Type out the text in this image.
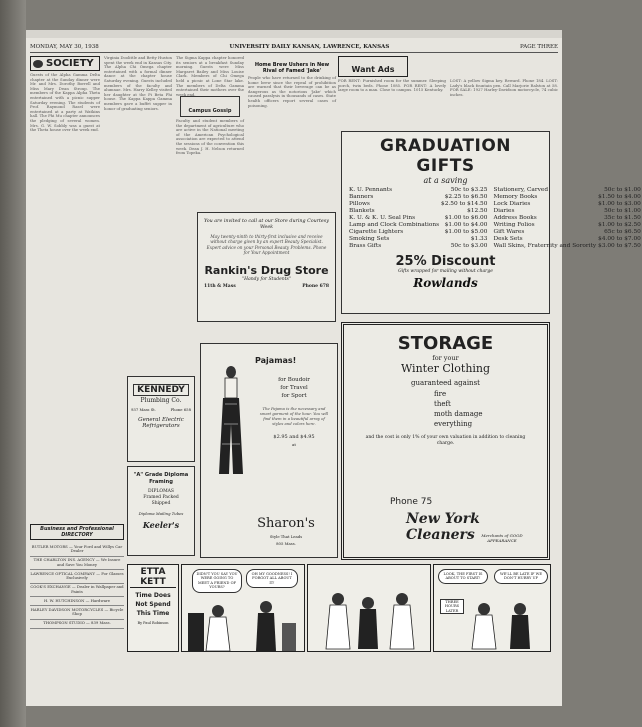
MONDAY, MAY 30, 1938	UNIVERSITY DAILY KANSAN, LAWRENCE, KANSAS	PAGE THREE
SOCIETY
Guests of the Alpha Gamma Delta chapter at the Sunday dinner were Mr. and Mrs. Dorothy Borrell and Miss Mary Dean Stroup. The members of the Kappa Alpha Theta entertained with a picnic supper Saturday evening. The students of Prof. Raymond Rasel were entertained at a party at Watkins hall. The Phi Mu chapter announces the pledging of several women. Mrs. G. W. Sobbly was a guest at the Theta house over the week end.
Virginia Doolittle and Betty Huston spent the week end in Kansas City. The Alpha Chi Omega chapter entertained with a formal dinner dance at the chapter house Saturday evening. Guests included members of the faculty and alumnae. Mrs. Harry Kelley visited her daughter at the Pi Beta Phi house. The Kappa Kappa Gamma members gave a buffet supper in honor of graduating seniors.
The Sigma Kappa chapter honored its seniors at a breakfast Sunday morning. Guests were Miss Margaret Bailey and Miss Louise Clark. Members of Chi Omega held a picnic at Lone Star lake. The members of Delta Gamma entertained their mothers over the week end.
Campus Gossip
Faculty and student members of the department of agriculture who are active in the National meeting of the American Psychological association are expected to attend the sessions of the convention this week. Dean J. H. Nelson returned from Topeka.
Home Brew Ushers in New Rival of Famed 'Jake'
People who have returned to the drinking of home brew since the repeal of prohibition are warned that their beverage can be as dangerous as the notorious 'Jake' which caused paralysis in thousands of cases. State health officers report several cases of poisoning.
Want Ads
FOR RENT: Furnished room for the summer. Sleeping porch, twin beds. Phone 1085. FOR RENT: A lovely large room to a man. Close to campus. 1015 Kentucky.
LOST: A yellow Sigma key. Reward. Phone 184. LOST: Lady's black fountain pen. Call Marjorie Ralston at 58. FOR SALE: 1927 Harley-Davidson motorcycle, 74 cubic inches.
GRADUATION GIFTS
at a saving
K. U. Pennants	50c to $3.25
Banners	$2.25 to $6.50
Pillows	$2.50 to $14.50
Blankets	$12.50
K. U. & K. U. Seal Pins	$1.00 to $6.00
Lamp and Clock Combinations	$1.00 to $4.00
Cigarette Lighters	$1.00 to $5.00
Smoking Sets	$1.33
Brass Gifts	50c to $3.00
Stationery, Carved	50c to $1.00
Memory Books	$1.50 to $4.00
Lock Diaries	$1.00 to $3.00
Diaries	50c to $1.00
Address Books	35c to $1.50
Writing Folios	$1.00 to $2.50
Gift Wares	65c to $6.50
Desk Sets	$4.00 to $7.00
Wall Skins, Fraternity and Sorority	$3.00 to $7.50
25% Discount
Gifts wrapped for mailing without charge
Rowlands
You are invited to call at our Store during Courtesy Week
May twenty-ninth to thirty-first inclusive and receive without charge given by an expert Beauty Specialist. Expert advice on your Personal Beauty Problems. Phone for Your Appointment
Rankin's Drug Store
"Handy for Students"
11th & Mass	Phone 678
KENNEDY
Plumbing Co.
937 Mass St.	Phone 658
General Electric
Refrigerators
"A" Grade Diploma Framing
DIPLOMAS Framed Packed Shipped
Diploma Mailing Tubes
Keeler's
Pajamas!
for Boudoir
for Travel
for Sport
The Pajama is the necessary and smart garment of the hour. You will find them in a beautiful array of styles and colors here.
$2.95 and $4.95
at
Sharon's
Style That Leads
805 Mass.
STORAGE
for your
Winter Clothing
guaranteed against
fire
theft
moth damage
everything
and the cost is only 1% of your own valuation in addition to cleaning charge.
Phone 75
New York Cleaners	Merchants of GOOD APPEARANCE
Business and Professional DIRECTORY
BUTLER MOTORS — Your Ford and Willys Car Dealer
THE CHARLTON INS. AGENCY — We Insure and Save You Money
LAWRENCE OPTICAL COMPANY — For Glasses Exclusively
COOK'S EXCHANGE — Dealer in Wallpaper and Paints
H. W. HUTCHINSON — Hardware
HARLEY DAVIDSON MOTORCYCLES — Bicycle Shop
THOMPSON STUDIO — 839 Mass.
ETTA KETT
Time Does Not Spend This Time
By Paul Robinson
DIDN'T YOU SAY YOU WERE GOING TO MEET A FRIEND OF YOURS?
OH MY GOODNESS! I FORGOT ALL ABOUT IT!
LOOK, THE FIRST IS ABOUT TO START!
WE'LL BE LATE IF WE DON'T HURRY UP
THREE HOURS LATER
